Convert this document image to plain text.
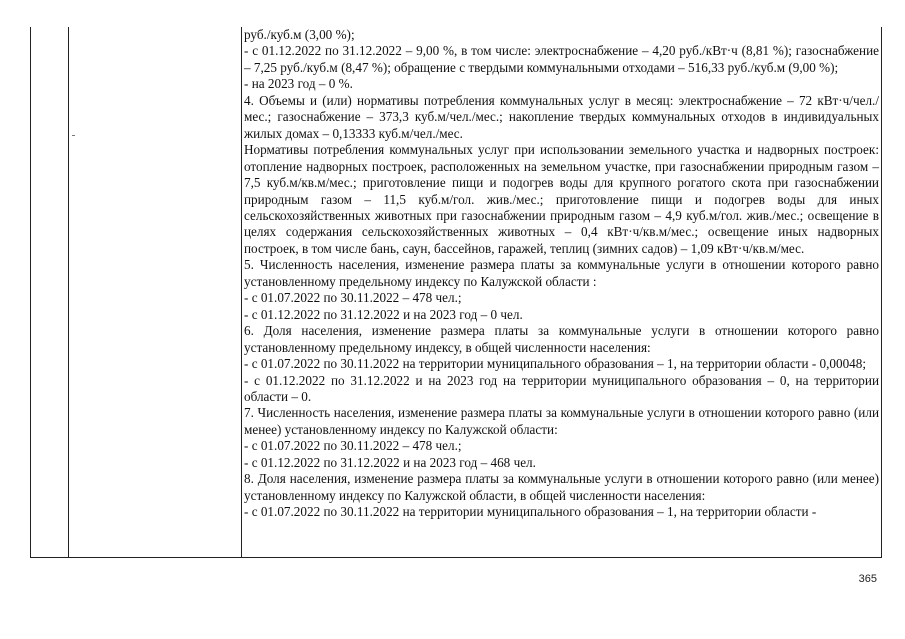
руб./куб.м (3,00 %);

- с 01.12.2022 по 31.12.2022 – 9,00 %, в том числе: электроснабжение – 4,20 руб./кВт·ч (8,81 %); газоснабжение – 7,25 руб./куб.м (8,47 %); обращение с твердыми коммунальными отходами – 516,33 руб./куб.м (9,00 %);

- на 2023 год – 0 %.

4. Объемы и (или) нормативы потребления коммунальных услуг в месяц: электроснабжение – 72 кВт·ч/чел./мес.; газоснабжение – 373,3 куб.м/чел./мес.; накопление твердых коммунальных отходов в индивидуальных жилых домах – 0,13333 куб.м/чел./мес.

Нормативы потребления коммунальных услуг при использовании земельного участка и надворных построек: отопление надворных построек, расположенных на земельном участке, при газоснабжении природным газом – 7,5 куб.м/кв.м/мес.; приготовление пищи и подогрев воды для крупного рогатого скота при газоснабжении природным газом – 11,5 куб.м/гол. жив./мес.; приготовление пищи и подогрев воды для иных сельскохозяйственных животных при газоснабжении природным газом – 4,9 куб.м/гол. жив./мес.; освещение в целях содержания сельскохозяйственных животных – 0,4 кВт·ч/кв.м/мес.; освещение иных надворных построек, в том числе бань, саун, бассейнов, гаражей, теплиц (зимних садов) – 1,09 кВт·ч/кв.м/мес.

5. Численность населения, изменение размера платы за коммунальные услуги в отношении которого равно установленному предельному индексу по Калужской области :

- с 01.07.2022 по 30.11.2022 – 478 чел.;

- с 01.12.2022 по 31.12.2022 и на 2023 год – 0 чел.

6. Доля населения, изменение размера платы за коммунальные услуги в отношении которого равно установленному предельному индексу, в общей численности населения:

- с 01.07.2022 по 30.11.2022 на территории муниципального образования – 1, на территории области - 0,00048;

- с 01.12.2022 по 31.12.2022 и на 2023 год на территории муниципального образования – 0, на территории области – 0.

7. Численность населения, изменение размера платы за коммунальные услуги в отношении которого равно (или менее) установленному индексу по Калужской области:

- с 01.07.2022 по 30.11.2022 – 478 чел.;

- с 01.12.2022 по 31.12.2022 и на 2023 год – 468 чел.

8. Доля населения, изменение размера платы за коммунальные услуги в отношении которого равно (или менее) установленному индексу по Калужской области, в общей численности населения:

- с 01.07.2022 по 30.11.2022 на территории муниципального образования – 1, на территории области -

365
